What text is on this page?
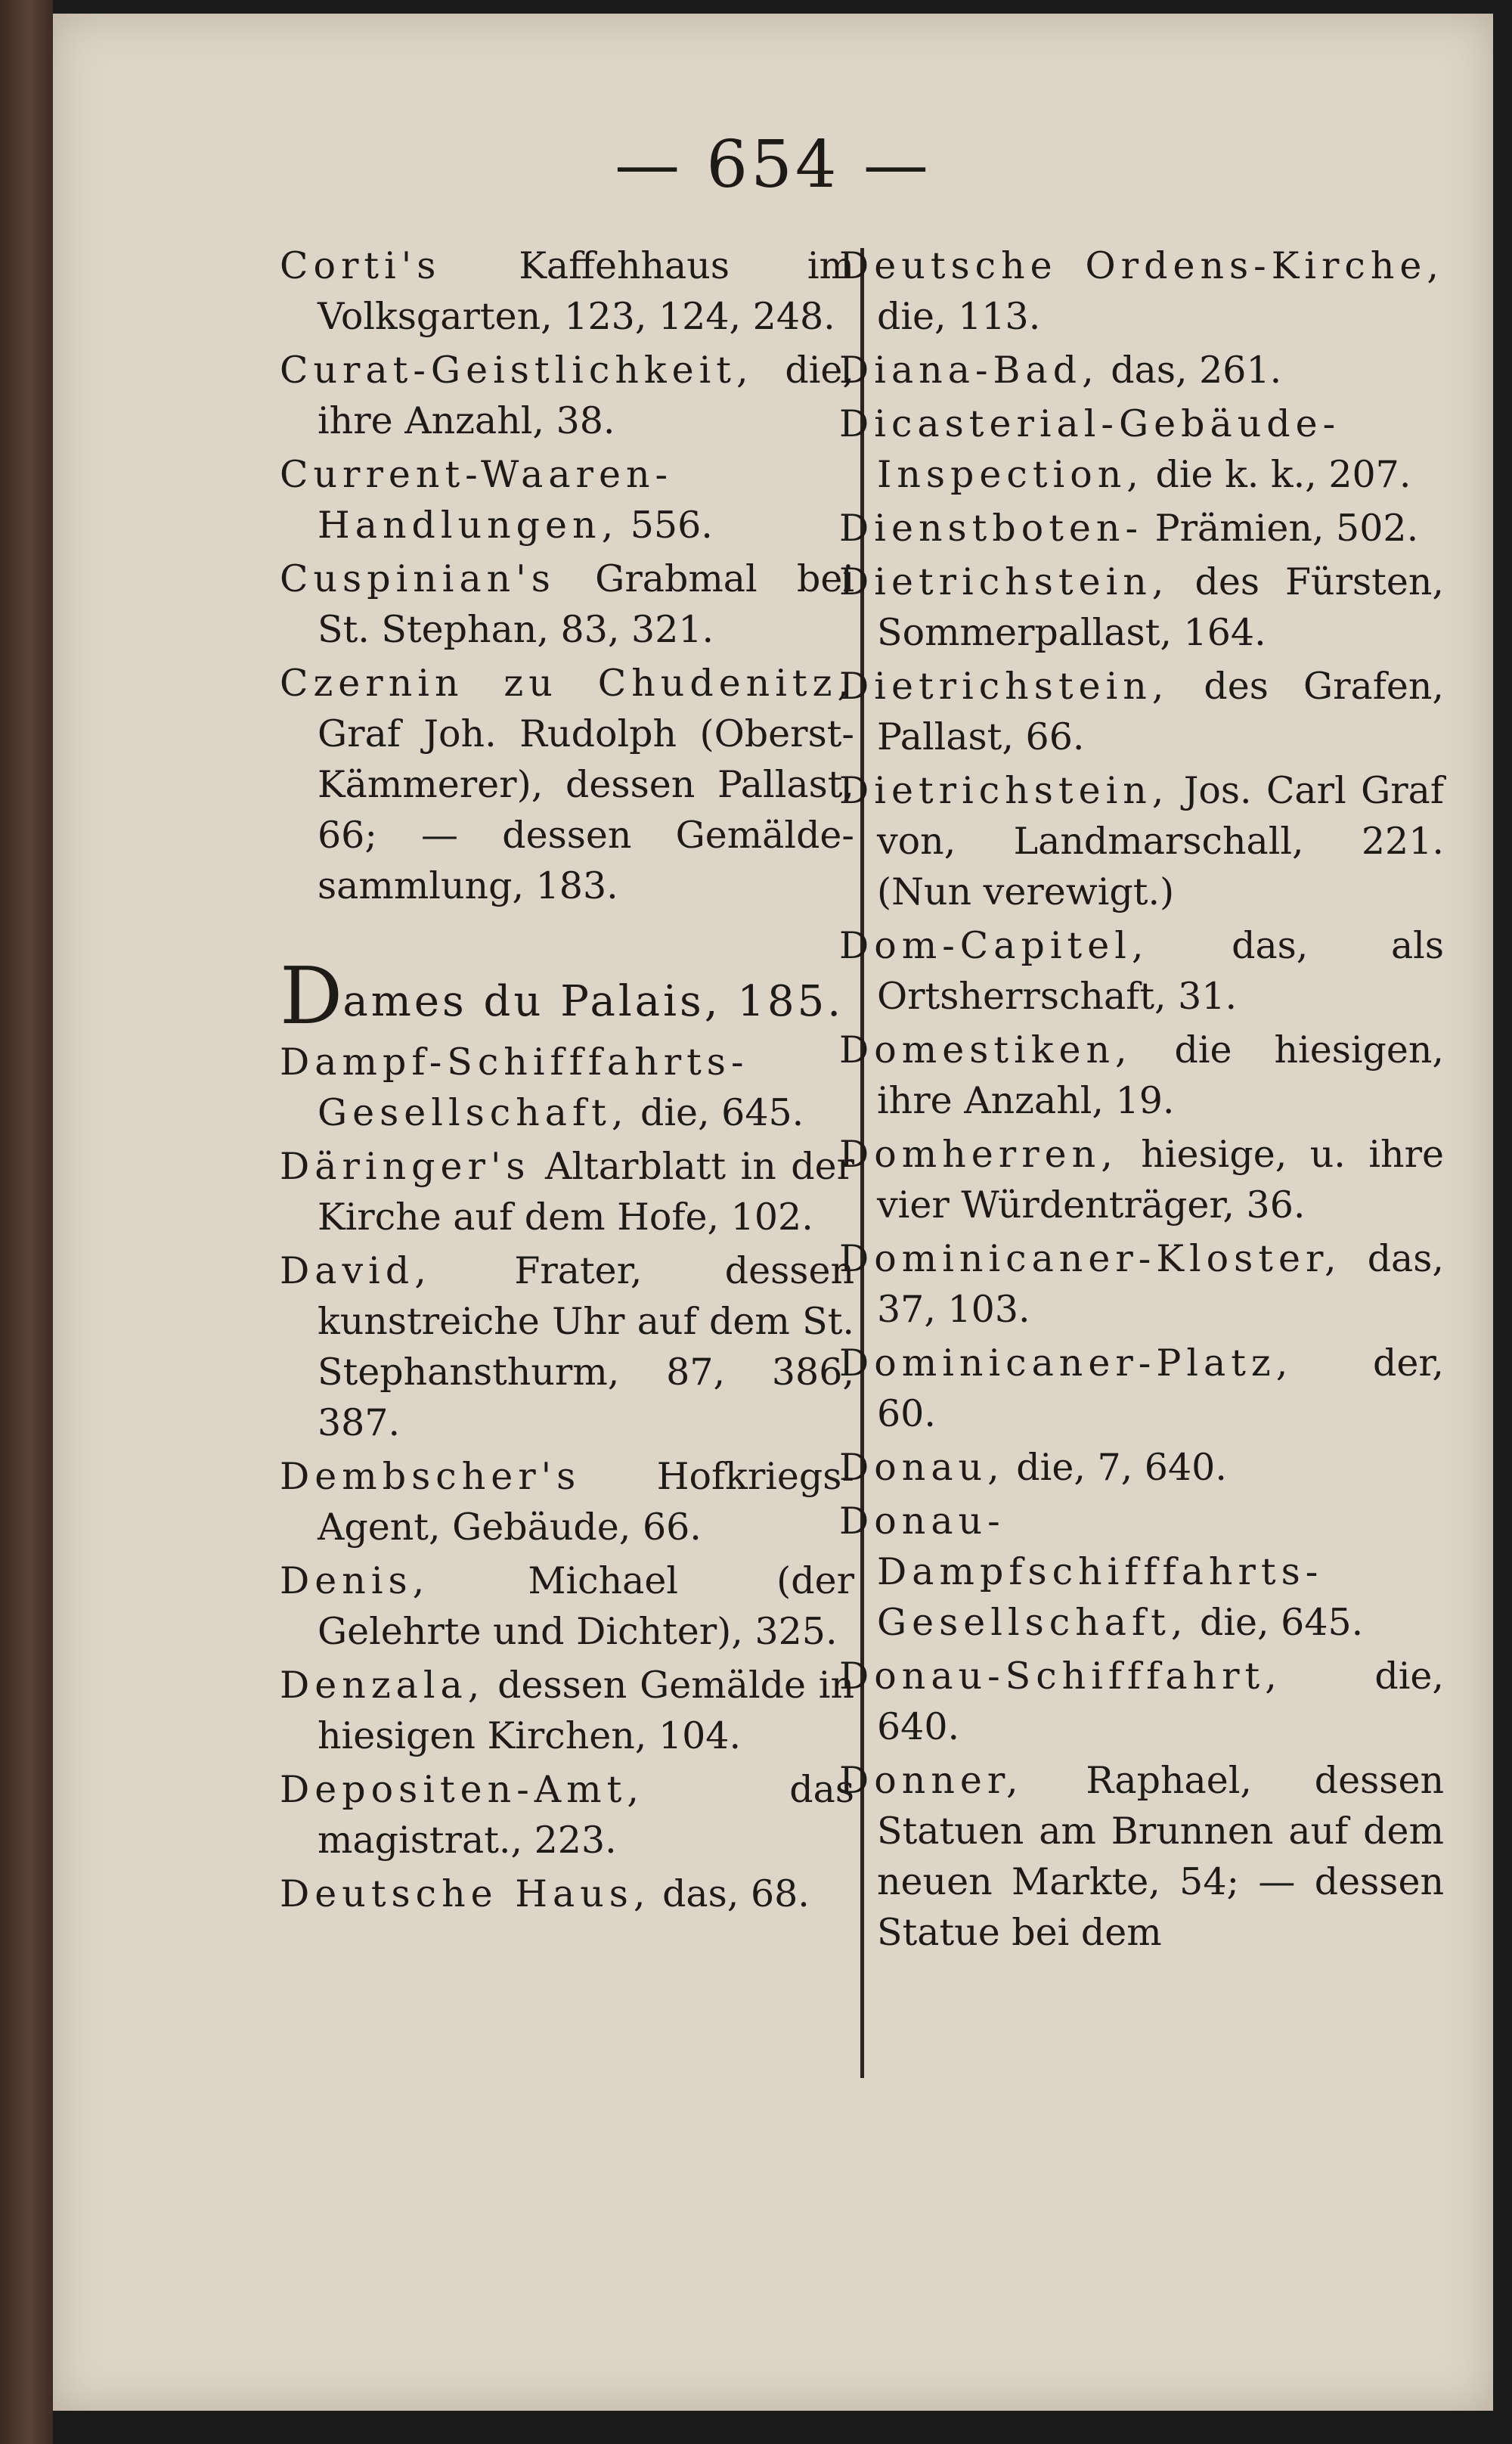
— 654 —
Corti's Kaffehhaus im Volksgarten, 123, 124, 248.
Curat-Geistlichkeit, die, ihre Anzahl, 38.
Current-Waaren-Handlungen, 556.
Cuspinian's Grabmal bei St. Stephan, 83, 321.
Czernin zu Chudenitz, Graf Joh. Rudolph (Oberst-Kämmerer), dessen Pallast, 66; — dessen Gemälde-sammlung, 183.
Dames du Palais, 185.
Dampf-Schifffahrts-Gesellschaft, die, 645.
Däringer's Altarblatt in der Kirche auf dem Hofe, 102.
David, Frater, dessen kunstreiche Uhr auf dem St. Stephansthurm, 87, 386, 387.
Dembscher's Hofkriegs-Agent, Gebäude, 66.
Denis,	Michael (der Gelehrte und Dichter), 325.
Denzala, dessen Gemälde in hiesigen Kirchen, 104.
Depositen-Amt,	das magistrat., 223.
Deutsche Haus, das, 68.
Deutsche Ordens-Kirche, die, 113.
Diana-Bad, das, 261.
Dicasterial-Gebäude-Inspection, die k. k., 207.
Dienstboten- Prämien, 502.
Dietrichstein, des Fürsten, Sommerpallast, 164.
Dietrichstein, des Grafen, Pallast, 66.
Dietrichstein, Jos. Carl Graf von, Landmarschall, 221. (Nun verewigt.)
Dom-Capitel, das, als Ortsherrschaft, 31.
Domestiken, die hiesigen, ihre Anzahl, 19.
Domherren, hiesige, u. ihre vier Würdenträger, 36.
Dominicaner-Kloster, das, 37, 103.
Dominicaner-Platz, der, 60.
Donau, die, 7, 640.
Donau-Dampfschifffahrts-Gesellschaft, die, 645.
Donau-Schifffahrt,	die, 640.
Donner, Raphael, dessen Statuen am Brunnen auf dem neuen Markte, 54; — dessen Statue bei dem
